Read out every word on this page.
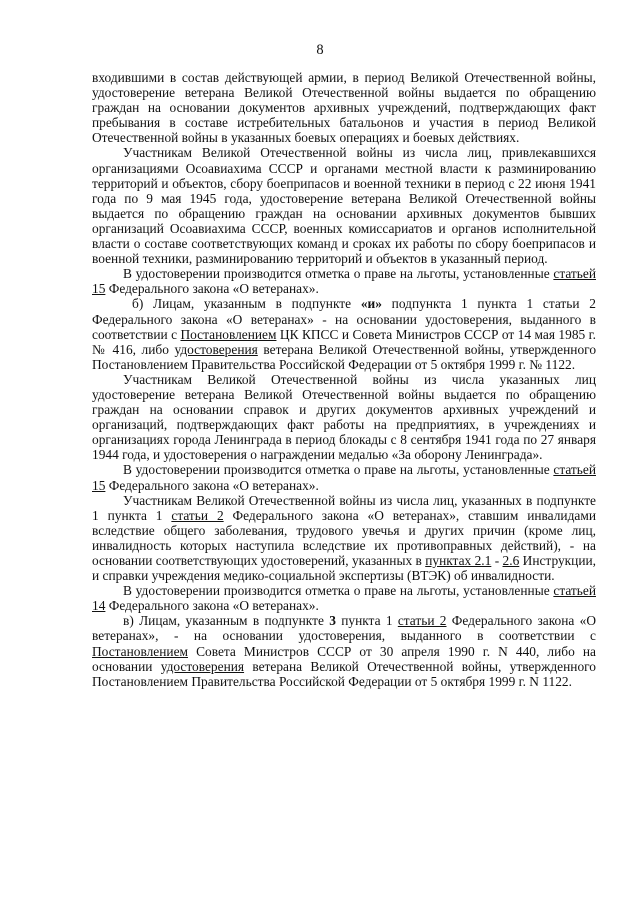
8

входившими в состав действующей армии, в период Великой Отечественной войны, удостоверение ветерана Великой Отечественной войны выдается по обращению граждан на основании документов архивных учреждений, подтверждающих факт пребывания в составе истребительных батальонов и участия в период Великой Отечественной войны в указанных боевых операциях и боевых действиях.

Участникам Великой Отечественной войны из числа лиц, привлекавшихся организациями Осоавиахима СССР и органами местной власти к разминированию территорий и объектов, сбору боеприпасов и военной техники в период с 22 июня 1941 года по 9 мая 1945 года, удостоверение ветерана Великой Отечественной войны выдается по обращению граждан на основании архивных документов бывших организаций Осоавиахима СССР, военных комиссариатов и органов исполнительной власти о составе соответствующих команд и сроках их работы по сбору боеприпасов и военной техники, разминированию территорий и объектов в указанный период.

В удостоверении производится отметка о праве на льготы, установленные статьей 15 Федерального закона «О ветеранах».

б) Лицам, указанным в подпункте «и» подпункта 1 пункта 1 статьи 2 Федерального закона «О ветеранах» - на основании удостоверения, выданного в соответствии с Постановлением ЦК КПСС и Совета Министров СССР от 14 мая 1985 г. № 416, либо удостоверения ветерана Великой Отечественной войны, утвержденного Постановлением Правительства Российской Федерации от 5 октября 1999 г. № 1122.

Участникам Великой Отечественной войны из числа указанных лиц удостоверение ветерана Великой Отечественной войны выдается по обращению граждан на основании справок и других документов архивных учреждений и организаций, подтверждающих факт работы на предприятиях, в учреждениях и организациях города Ленинграда в период блокады с 8 сентября 1941 года по 27 января 1944 года, и удостоверения о награждении медалью «За оборону Ленинграда».

В удостоверении производится отметка о праве на льготы, установленные статьей 15 Федерального закона «О ветеранах».

Участникам Великой Отечественной войны из числа лиц, указанных в подпункте 1 пункта 1 статьи 2 Федерального закона «О ветеранах», ставшим инвалидами вследствие общего заболевания, трудового увечья и других причин (кроме лиц, инвалидность которых наступила вследствие их противоправных действий), - на основании соответствующих удостоверений, указанных в пунктах 2.1 - 2.6 Инструкции, и справки учреждения медико-социальной экспертизы (ВТЭК) об инвалидности.

В удостоверении производится отметка о праве на льготы, установленные статьей 14 Федерального закона «О ветеранах».

в) Лицам, указанным в подпункте 3 пункта 1 статьи 2 Федерального закона «О ветеранах», - на основании удостоверения, выданного в соответствии с Постановлением Совета Министров СССР от 30 апреля 1990 г. N 440, либо на основании удостоверения ветерана Великой Отечественной войны, утвержденного Постановлением Правительства Российской Федерации от 5 октября 1999 г. N 1122.
